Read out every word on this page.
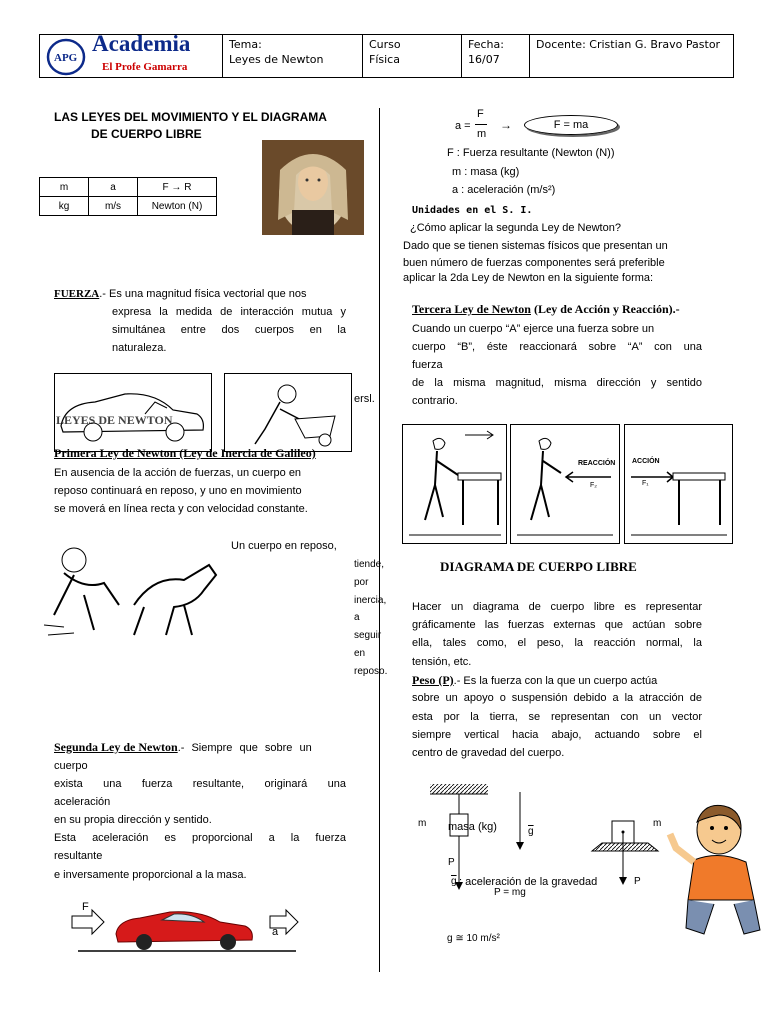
APG
Academia
El Profe Gamarra

Tema:
Leyes de Newton

Curso
Física

Fecha:
16/07

Docente: Cristian G. Bravo Pastor
LAS LEYES DEL MOVIMIENTO Y EL DIAGRAMA
DE CUERPO LIBRE
m	a	F → R
kg	m/s	Newton (N)
FUERZA.- Es una magnitud física vectorial que nos
expresa la medida de interacción mutua y
simultánea entre dos cuerpos en la
naturaleza.
LEYES DE NEWTON
ersl.
Primera Ley de Newton (Ley de Inercia de Galileo)
En ausencia de la acción de fuerzas, un cuerpo en
reposo continuará en reposo, y uno en movimiento
se moverá en línea recta y con velocidad constante.
Un cuerpo en reposo,
tiende,
por
inercia,
a
seguir
en
reposo.
Segunda Ley de Newton.- Siempre que sobre un
cuerpo
exista una fuerza resultante, originará una
aceleración
en su propia dirección y sentido.
Esta aceleración es proporcional a la fuerza
resultante
e inversamente proporcional a la masa.
F
a
a =
F
m
→	F = ma
F : Fuerza resultante (Newton (N))
m : masa (kg)
a : aceleración (m/s²)
Unidades en el S. I.
¿Cómo aplicar la segunda Ley de Newton?
Dado que se tienen sistemas físicos que presentan un
buen número de fuerzas componentes será preferible
aplicar la 2da Ley de Newton en la siguiente forma:
Tercera Ley de Newton (Ley de Acción y Reacción).-
Cuando un cuerpo “A” ejerce una fuerza sobre un
cuerpo “B”, éste reaccionará sobre “A” con una
fuerza
de la misma magnitud, misma dirección y sentido
contrario.
REACCIÓN
F₂
ACCIÓN
F₁
DIAGRAMA DE CUERPO LIBRE
Hacer un diagrama de cuerpo libre es representar
gráficamente las fuerzas externas que actúan sobre
ella, tales como, el peso, la reacción normal, la
tensión, etc.
Peso (P).- Es la fuerza con la que un cuerpo actúa
sobre un apoyo o suspensión debido a la atracción de
esta por la tierra, se representan con un vector
siempre vertical hacia abajo, actuando sobre el
centro de gravedad del cuerpo.
m masa (kg)	$\overline{g}$
P
$\overline{g}$ : aceleración de la gravedad
P = mg
m
P
g ≅ 10 m/s²
